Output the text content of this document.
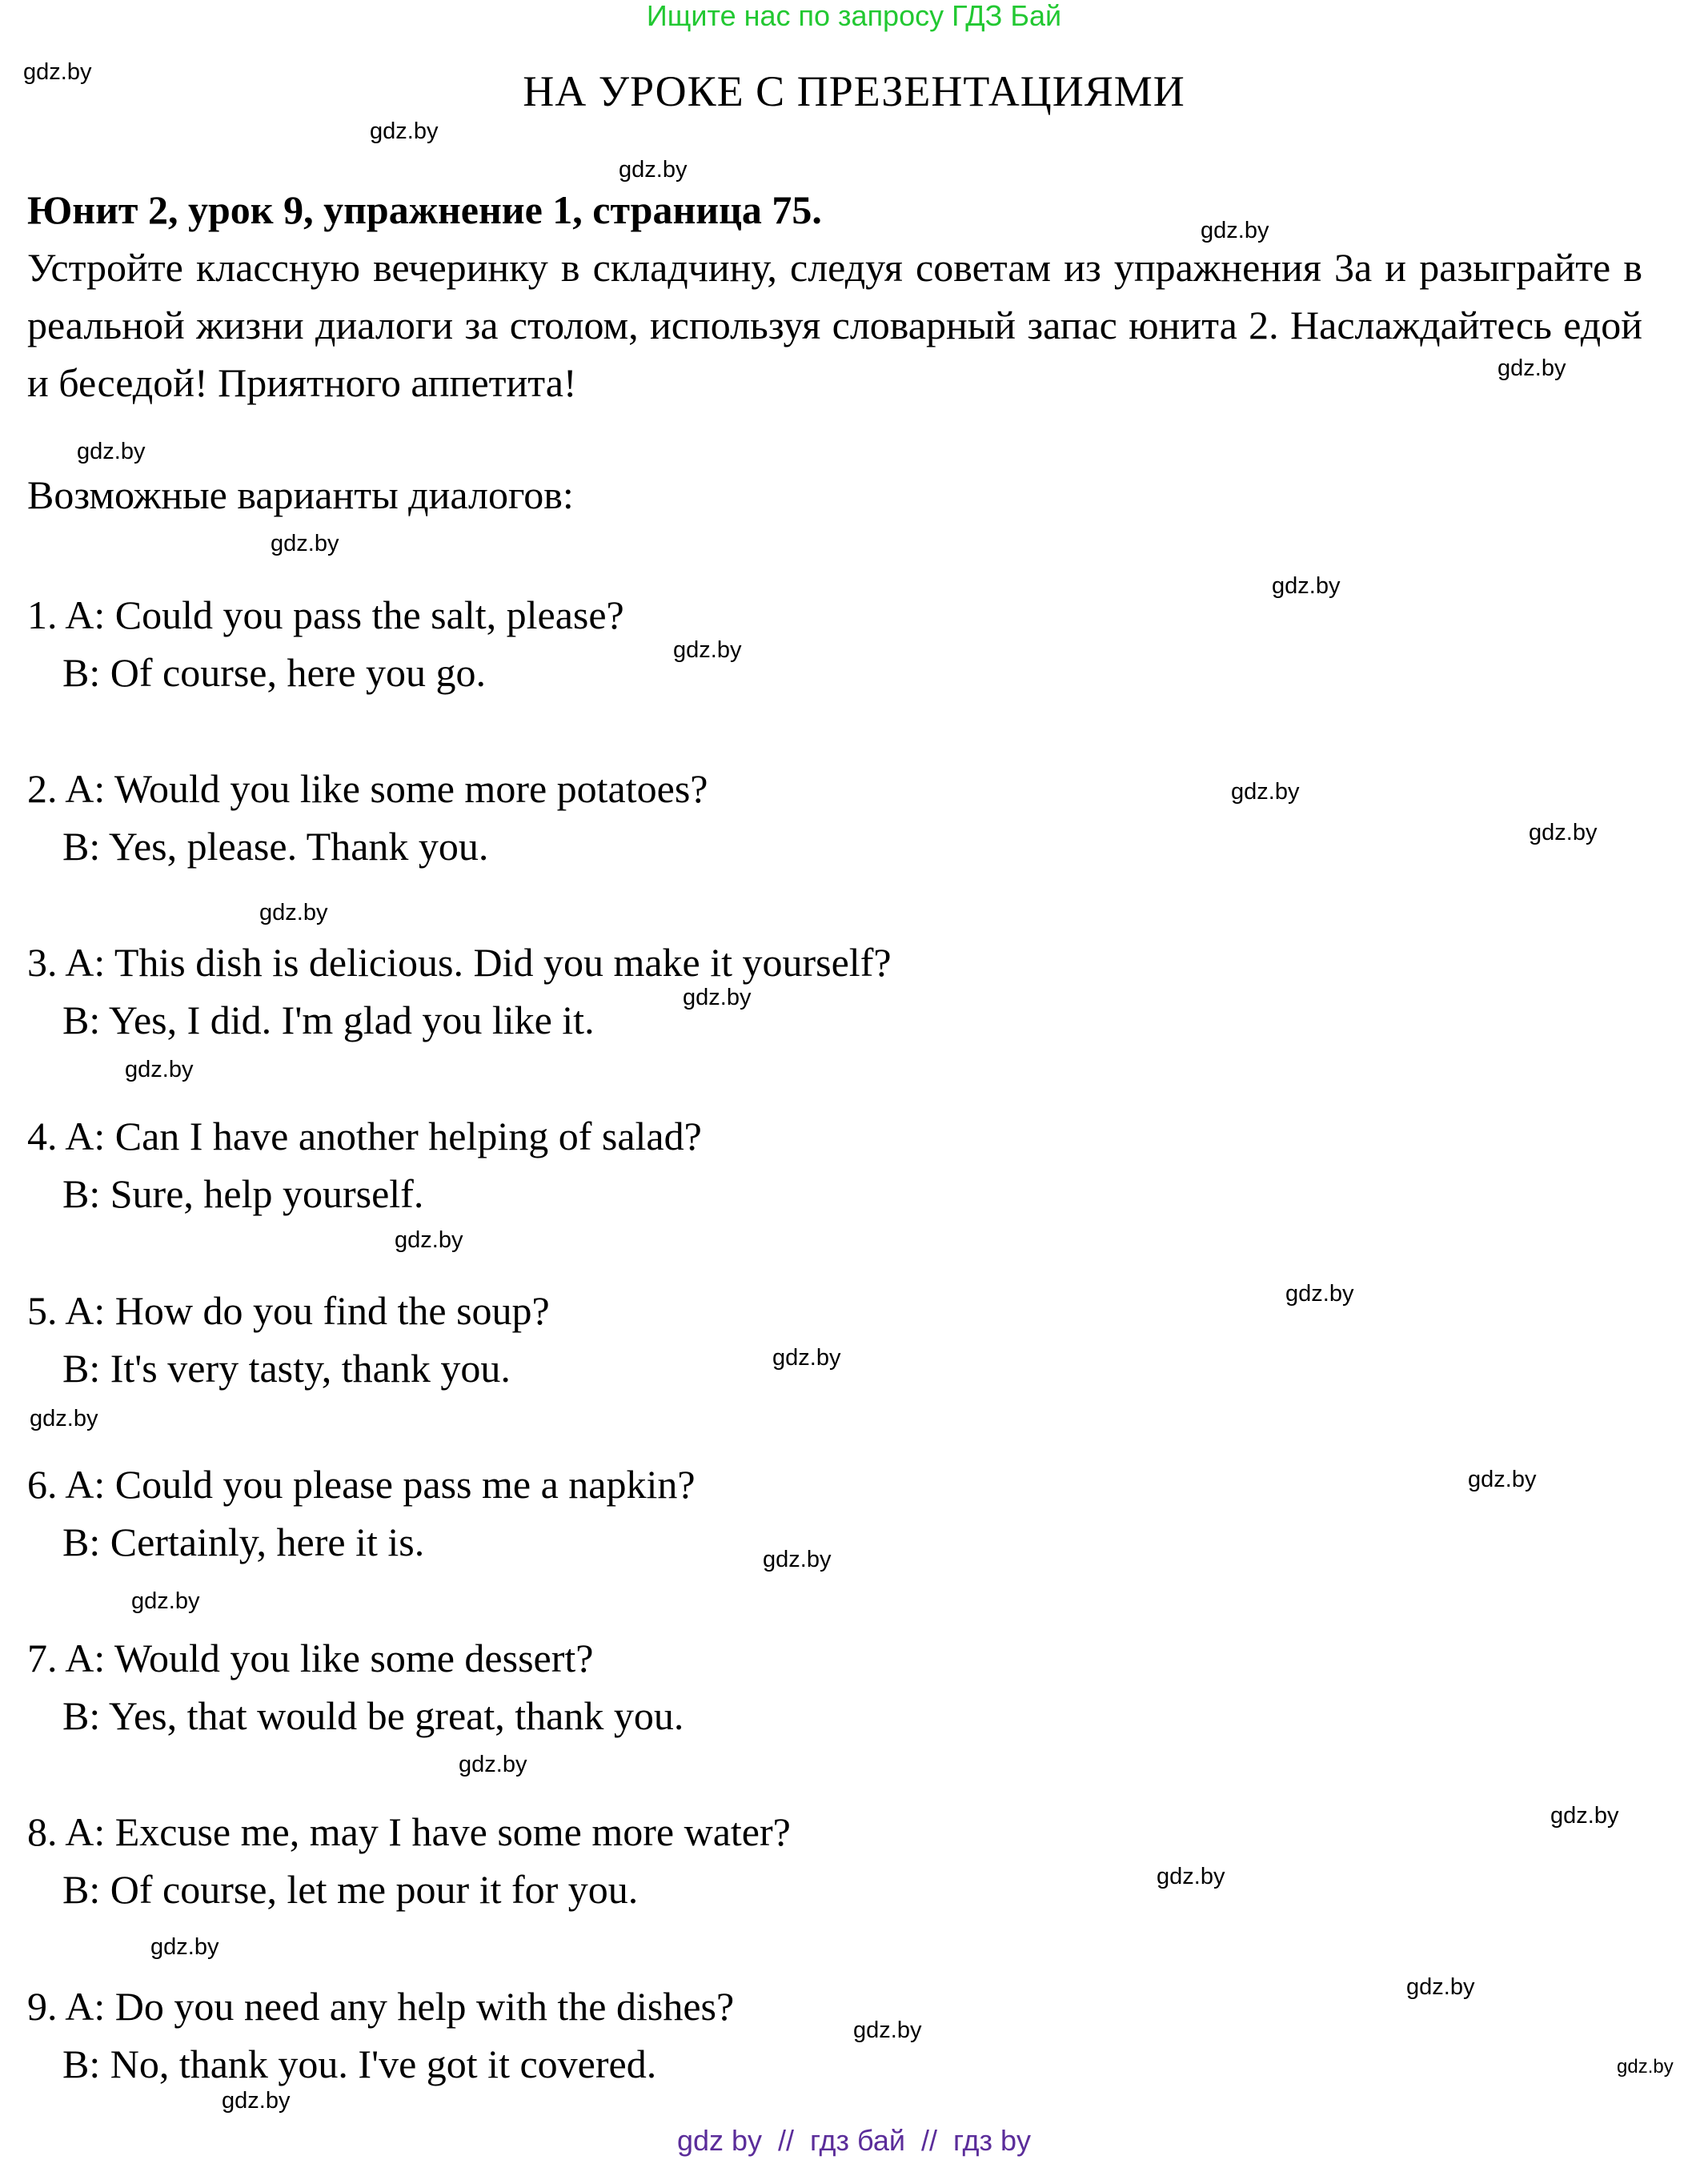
Ищите нас по запросу ГДЗ Бай
НА УРОКЕ С ПРЕЗЕНТАЦИЯМИ
Юнит 2, урок 9, упражнение 1, страница 75.
Устройте классную вечеринку в складчину, следуя советам из упражнения 3a и разыграйте в реальной жизни диалоги за столом, используя словарный запас юнита 2. Наслаждайтесь едой и беседой! Приятного аппетита!
Возможные варианты диалогов:
1. A: Could you pass the salt, please?
B: Of course, here you go.
2. A: Would you like some more potatoes?
B: Yes, please. Thank you.
3. A: This dish is delicious. Did you make it yourself?
B: Yes, I did. I'm glad you like it.
4. A: Can I have another helping of salad?
B: Sure, help yourself.
5. A: How do you find the soup?
B: It's very tasty, thank you.
6. A: Could you please pass me a napkin?
B: Certainly, here it is.
7. A: Would you like some dessert?
B: Yes, that would be great, thank you.
8. A: Excuse me, may I have some more water?
B: Of course, let me pour it for you.
9. A: Do you need any help with the dishes?
B: No, thank you. I've got it covered.
gdz.by
gdz.by
gdz.by
gdz.by
gdz.by
gdz.by
gdz.by
gdz.by
gdz.by
gdz.by
gdz.by
gdz.by
gdz.by
gdz.by
gdz.by
gdz.by
gdz.by
gdz.by
gdz.by
gdz.by
gdz.by
gdz.by
gdz.by
gdz.by
gdz.by
gdz.by
gdz.by
gdz.by
gdz.by
gdz by  //  гдз бай  //  гдз by
